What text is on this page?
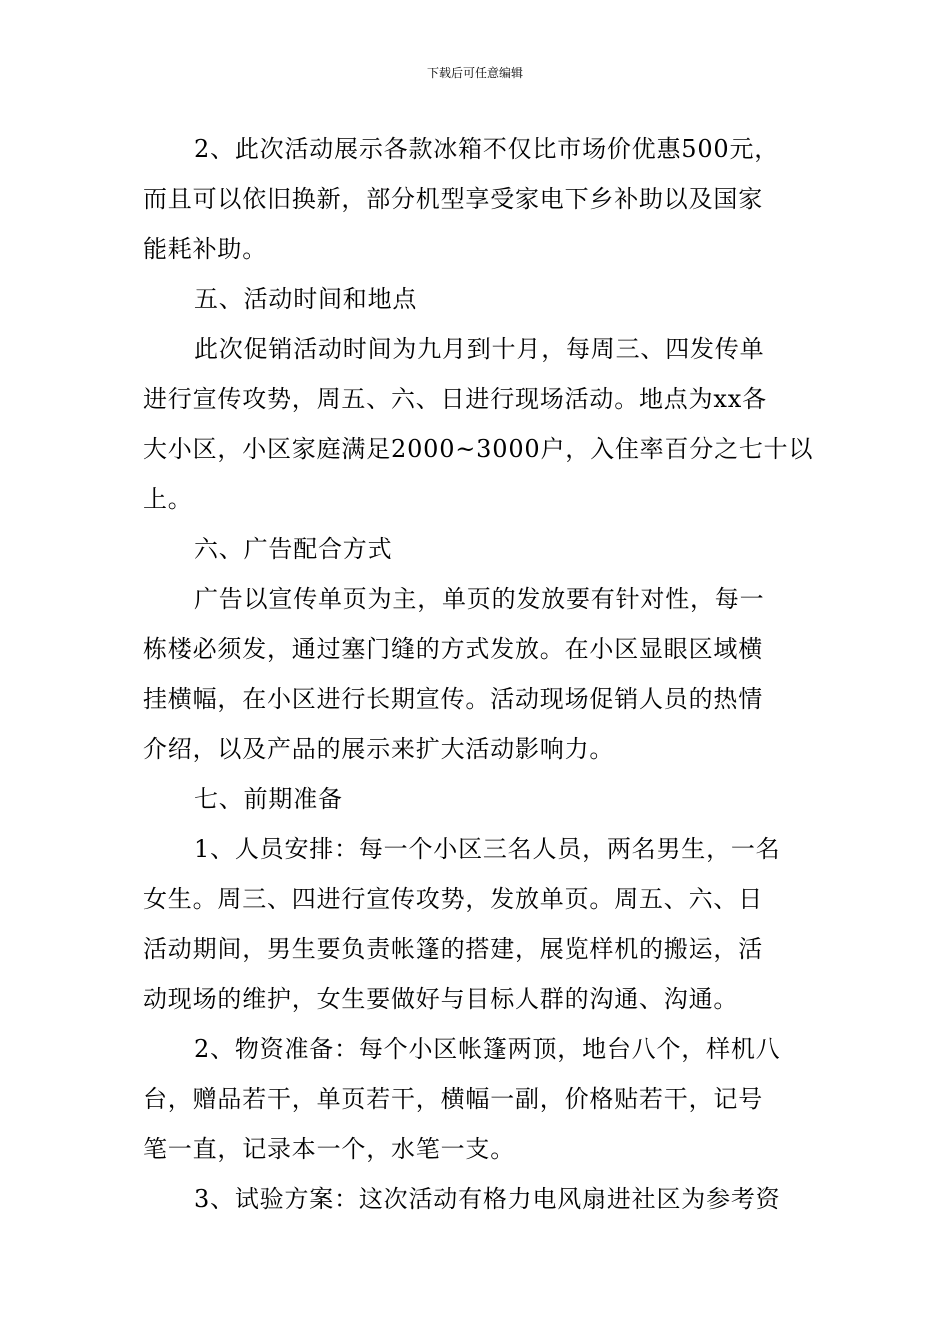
下载后可任意编辑

2、此次活动展示各款冰箱不仅比市场价优惠500元，
而且可以依旧换新，部分机型享受家电下乡补助以及国家
能耗补助。

五、活动时间和地点

此次促销活动时间为九月到十月，每周三、四发传单
进行宣传攻势，周五、六、日进行现场活动。地点为xx各
大小区，小区家庭满足2000~3000户，入住率百分之七十以
上。

六、广告配合方式

广告以宣传单页为主，单页的发放要有针对性，每一
栋楼必须发，通过塞门缝的方式发放。在小区显眼区域横
挂横幅，在小区进行长期宣传。活动现场促销人员的热情
介绍，以及产品的展示来扩大活动影响力。

七、前期准备

1、人员安排：每一个小区三名人员，两名男生，一名
女生。周三、四进行宣传攻势，发放单页。周五、六、日
活动期间，男生要负责帐篷的搭建，展览样机的搬运，活
动现场的维护，女生要做好与目标人群的沟通、沟通。

2、物资准备：每个小区帐篷两顶，地台八个，样机八
台，赠品若干，单页若干，横幅一副，价格贴若干，记号
笔一直，记录本一个，水笔一支。

3、试验方案：这次活动有格力电风扇进社区为参考资
